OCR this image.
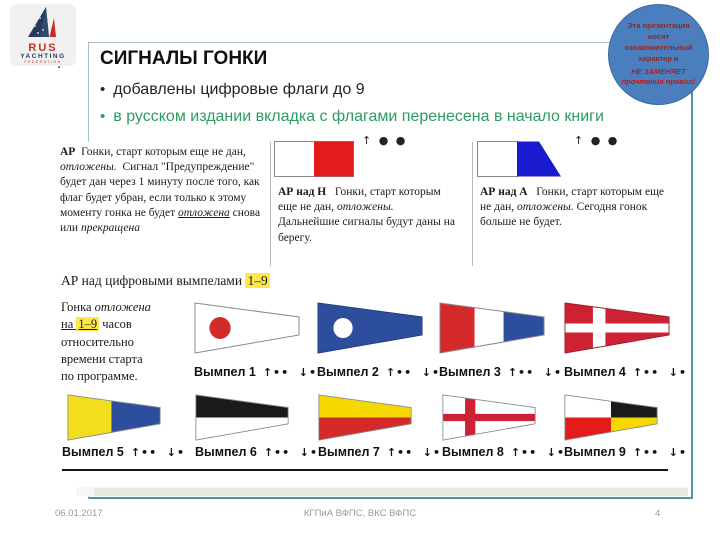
RUS
YACHTING
FEDERATION
. СИГНАЛЫ ГОНКИ
• добавлены цифровые флаги до 9
• в русском издании вкладка с флагами перенесена в начало книги
Эта презентация носит ознакомительный характер и
НЕ ЗАМЕНЯЕТ прочтения правил!
АР Гонки, старт которым еще не дан, отложены. Сигнал "Предупреждение" будет дан через 1 минуту после того, как флаг будет убран, если только к этому моменту гонка не будет отложена снова или прекращена
↑ ● ●
АР над Н Гонки, старт которым еще не дан, отложены. Дальнейшие сигналы будут даны на берегу.
↑ ● ●
АР над А Гонки, старт которым еще не дан, отложены. Сегодня гонок больше не будет.
АР над цифровыми вымпелами 1–9
Гонка отложена
на 1–9 часов
относительно
времени старта
по программе.	Вымпел 1 ↑•• ↓• Вымпел 2 ↑•• ↓•
Вымпел 3 ↑•• ↓• Вымпел 4 ↑•• ↓•
Вымпел 5 ↑•• ↓• Вымпел 6 ↑•• ↓• Вымпел 7 ↑•• ↓• Вымпел 8 ↑•• ↓•
Вымпел 9 ↑•• ↓•
06.01.2017	КГПиА ВФПС, ВКС ВФПС	4
